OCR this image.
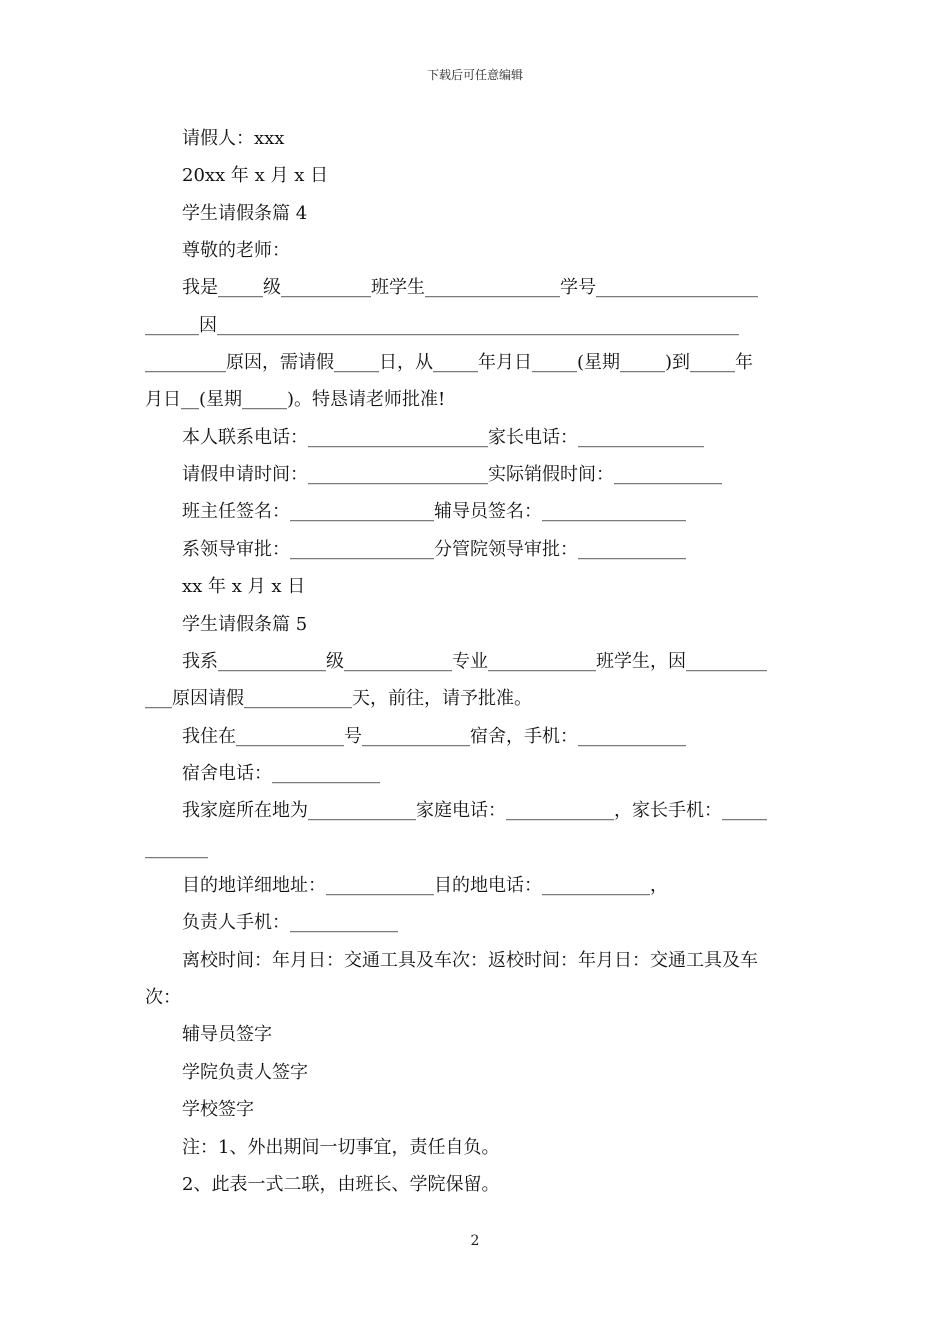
下载后可任意编辑
请假人：xxx
20xx 年 x 月 x 日
学生请假条篇 4
尊敬的老师：
我是_____级__________班学生_______________学号__________________
______因__________________________________________________________
_________原因，需请假_____日，从_____年月日_____(星期_____)到_____年
月日__(星期_____)。特恳请老师批准!
本人联系电话：____________________家长电话：______________
请假申请时间：____________________实际销假时间：____________
班主任签名：________________辅导员签名：________________
系领导审批：________________分管院领导审批：____________
xx 年 x 月 x 日
学生请假条篇 5
我系____________级____________专业____________班学生，因_________
___原因请假____________天，前往，请予批准。
我住在____________号____________宿舍，手机：____________
宿舍电话：____________
我家庭所在地为____________家庭电话：____________，家长手机：_____
_______
目的地详细地址：____________目的地电话：____________，
负责人手机：____________
离校时间：年月日：交通工具及车次：返校时间：年月日：交通工具及车
次：
辅导员签字
学院负责人签字
学校签字
注：1、外出期间一切事宜，责任自负。
2、此表一式二联，由班长、学院保留。
2
